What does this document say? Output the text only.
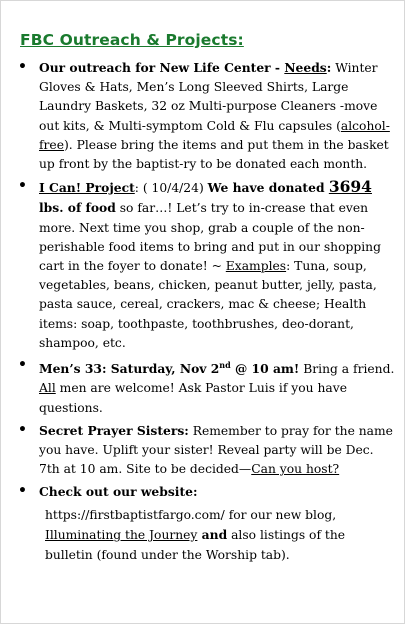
FBC Outreach & Projects:
• Our outreach for New Life Center - Needs: Winter Gloves & Hats, Men’s Long Sleeved Shirts, Large Laundry Baskets, 32 oz Multi-purpose Cleaners -move out kits, & Multi-symptom Cold & Flu capsules (alcohol-free). Please bring the items and put them in the basket up front by the baptist-ry to be donated each month.
• I Can! Project: ( 10/4/24) We have donated 3694 lbs. of food so far…! Let’s try to in-crease that even more. Next time you shop, grab a couple of the non-perishable food items to bring and put in our shopping cart in the foyer to donate! ~ Examples: Tuna, soup, vegetables, beans, chicken, peanut butter, jelly, pasta, pasta sauce, cereal, crackers, mac & cheese; Health items: soap, toothpaste, toothbrushes, deo-dorant, shampoo, etc.
• Men’s 33: Saturday, Nov 2nd @ 10 am! Bring a friend. All men are welcome! Ask Pastor Luis if you have questions.
• Secret Prayer Sisters: Remember to pray for the name you have. Uplift your sister! Reveal party will be Dec. 7th at 10 am. Site to be decided—Can you host?
• Check out our website:
https://firstbaptistfargo.com/ for our new blog, Illuminating the Journey and also listings of the bulletin (found under the Worship tab).
